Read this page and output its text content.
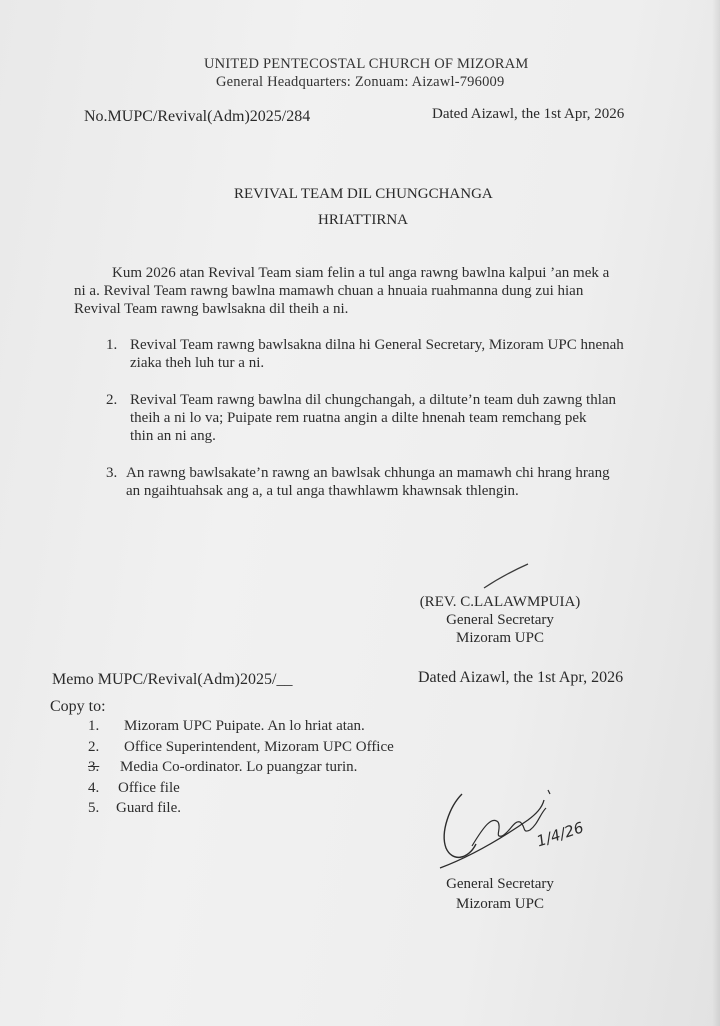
UNITED PENTECOSTAL CHURCH OF MIZORAM
General Headquarters: Zonuam: Aizawl-796009
No.MUPC/Revival(Adm)2025/284	Dated Aizawl, the 1st Apr, 2026
REVIVAL TEAM DIL CHUNGCHANGA
HRIATTIRNA

Kum 2026 atan Revival Team siam felin a tul anga rawng bawlna kalpui ’an mek a

ni a. Revival Team rawng bawlna mamawh chuan a hnuaia ruahmanna dung zui hian

Revival Team rawng bawlsakna dil theih a ni.

1. Revival Team rawng bawlsakna dilna hi General Secretary, Mizoram UPC hnenah
ziaka theh luh tur a ni.
2. Revival Team rawng bawlna dil chungchangah, a diltute’n team duh zawng thlan
theih a ni lo va; Puipate rem ruatna angin a dilte hnenah team remchang pek
thin an ni ang.
3. An rawng bawlsakate’n rawng an bawlsak chhunga an mamawh chi hrang hrang
an ngaihtuahsak ang a, a tul anga thawhlawm khawnsak thlengin.
(REV. C.LALAWMPUIA)
General Secretary
Mizoram UPC
Memo MUPC/Revival(Adm)2025/__	Dated Aizawl, the 1st Apr, 2026
Copy to:
1. Mizoram UPC Puipate. An lo hriat atan.
2. Office Superintendent, Mizoram UPC Office
3. Media Co-ordinator. Lo puangzar turin.
4. Office file
5. Guard file.
1/4/26
General Secretary
Mizoram UPC
